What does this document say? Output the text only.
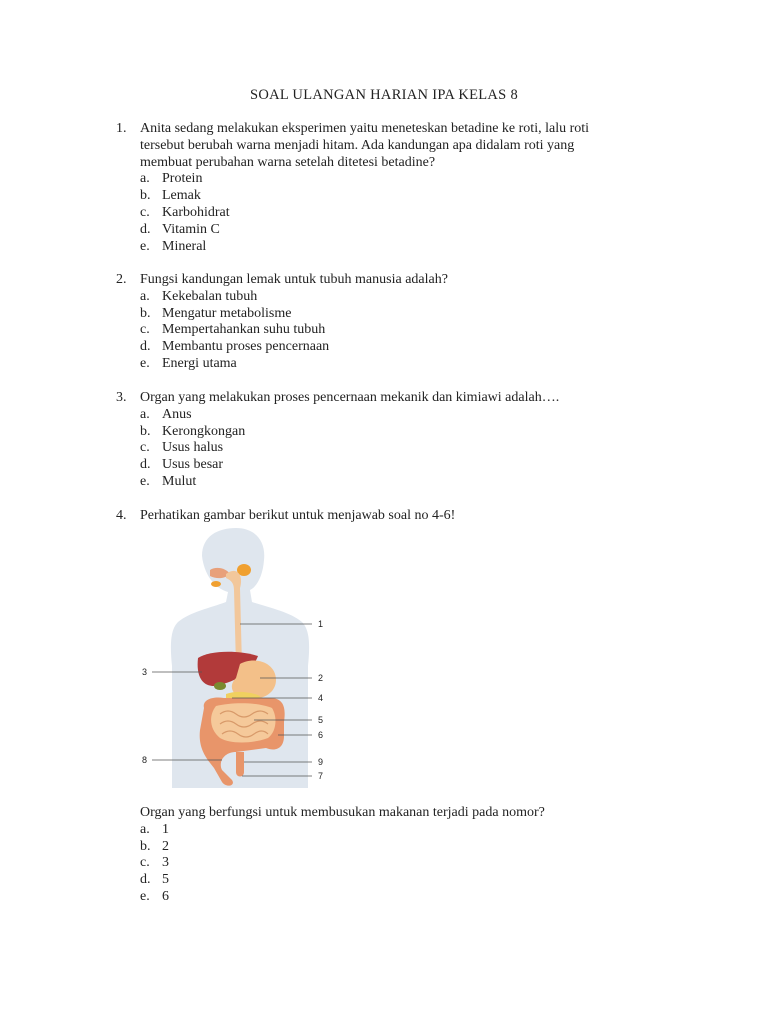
SOAL ULANGAN HARIAN IPA KELAS 8
1. Anita sedang melakukan eksperimen yaitu meneteskan betadine ke roti, lalu roti
tersebut berubah warna menjadi hitam. Ada kandungan apa didalam roti yang
membuat perubahan warna setelah ditetesi betadine?
a. Protein
b. Lemak
c. Karbohidrat
d. Vitamin C
e. Mineral
2. Fungsi kandungan lemak untuk tubuh manusia adalah?
a. Kekebalan tubuh
b. Mengatur metabolisme
c. Mempertahankan suhu tubuh
d. Membantu proses pencernaan
e. Energi utama
3. Organ yang melakukan proses pencernaan mekanik dan kimiawi adalah….
a. Anus
b. Kerongkongan
c. Usus halus
d. Usus besar
e. Mulut
4. Perhatikan gambar berikut untuk menjawab soal no 4-6!
1
2
3
4
5
6
7
8	9
Organ yang berfungsi untuk membusukan makanan terjadi pada nomor?
a. 1
b. 2
c. 3
d. 5
e. 6
